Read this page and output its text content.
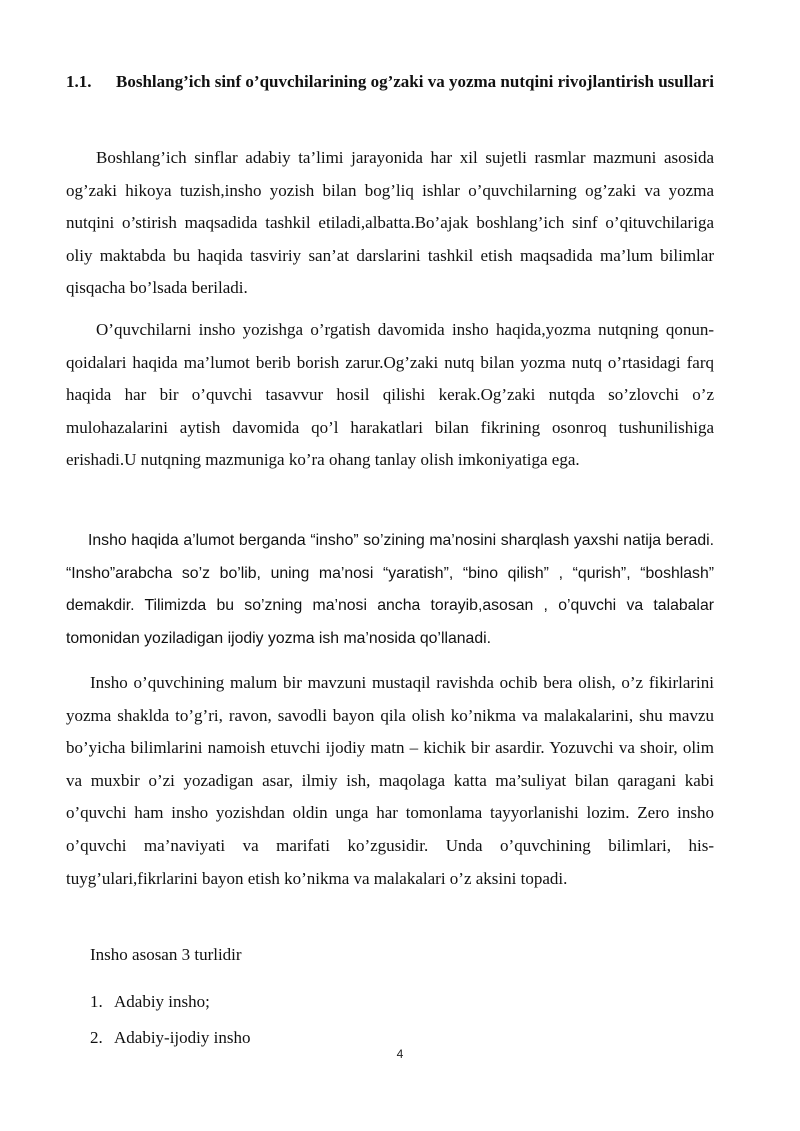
1.1. Boshlang’ich sinf o’quvchilarining og’zaki va yozma nutqini rivojlantirish usullari

Boshlang’ich sinflar adabiy ta’limi jarayonida har xil sujetli rasmlar mazmuni asosida og’zaki hikoya tuzish,insho yozish bilan bog’liq ishlar o’quvchilarning og’zaki va yozma nutqini o’stirish maqsadida tashkil etiladi,albatta.Bo’ajak boshlang’ich sinf o’qituvchilariga oliy maktabda bu haqida tasviriy san’at darslarini tashkil etish maqsadida ma’lum bilimlar qisqacha bo’lsada beriladi.

O’quvchilarni insho yozishga o’rgatish davomida insho haqida,yozma nutqning qonun-qoidalari haqida ma’lumot berib borish zarur.Og’zaki nutq bilan yozma nutq o’rtasidagi farq haqida har bir o’quvchi tasavvur hosil qilishi kerak.Og’zaki nutqda so’zlovchi o’z mulohazalarini aytish davomida qo’l harakatlari bilan fikrining osonroq tushunilishiga erishadi.U nutqning mazmuniga ko’ra ohang tanlay olish imkoniyatiga ega.

Insho haqida a’lumot berganda “insho” so’zining ma’nosini sharqlash yaxshi natija beradi. “Insho”arabcha so’z bo’lib, uning ma’nosi “yaratish”, “bino qilish” , “qurish”, “boshlash” demakdir. Tilimizda bu so’zning ma’nosi ancha torayib,asosan , o’quvchi va talabalar tomonidan yoziladigan ijodiy yozma ish ma’nosida qo’llanadi.

Insho o’quvchining malum bir mavzuni mustaqil ravishda ochib bera olish, o’z fikirlarini yozma shaklda to’g’ri, ravon, savodli bayon qila olish ko’nikma va malakalarini, shu mavzu bo’yicha bilimlarini namoish etuvchi ijodiy matn – kichik bir asardir. Yozuvchi va shoir, olim va muxbir o’zi yozadigan asar, ilmiy ish, maqolaga katta ma’suliyat bilan qaragani kabi o’quvchi ham insho yozishdan oldin unga har tomonlama tayyorlanishi lozim. Zero insho o’quvchi ma’naviyati va marifati ko’zgusidir. Unda o’quvchining bilimlari, his-tuyg’ulari,fikrlarini bayon etish ko’nikma va malakalari o’z aksini topadi.

Insho asosan 3 turlidir
1. Adabiy insho;
2. Adabiy-ijodiy insho
4
